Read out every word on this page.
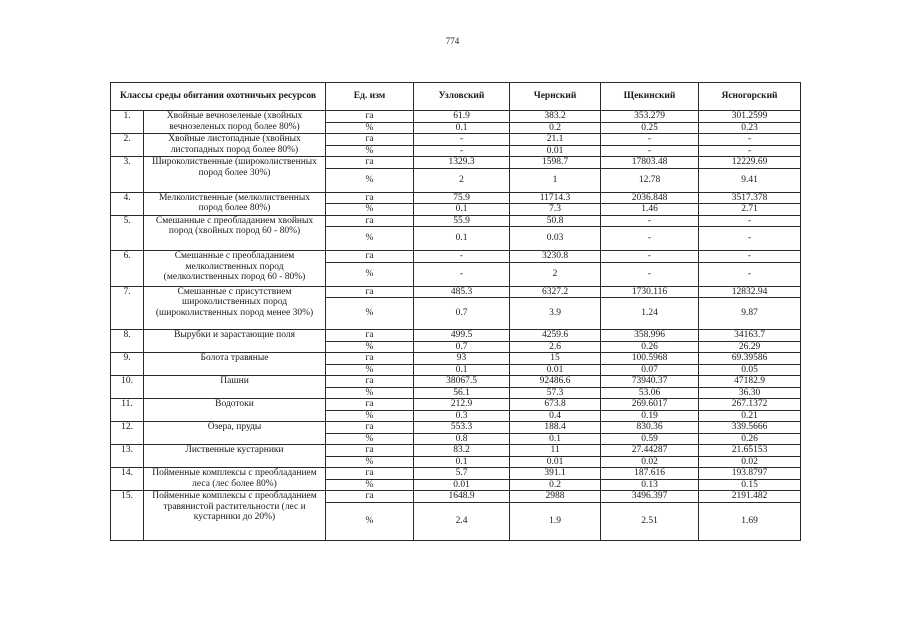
774
Классы среды обитания охотничьих ресурсов		Ед. изм	Узловский	Чернский	Щекинский	Ясногорский
1.	Хвойные вечнозеленые (хвойных вечнозеленых пород более 80%)	га	61.9	383.2	353.279	301.2599
		%	0.1	0.2	0.25	0.23
2.	Хвойные листопадные (хвойных листопадных пород более 80%)	га	-	21.1	-	-
		%	-	0.01	-	-
3.	Широколиственные (широколиственных пород более 30%)	га	1329.3	1598.7	17803.48	12229.69
		%	2	1	12.78	9.41
4.	Мелколиственные (мелколиственных пород более 80%)	га	75.9	11714.3	2036.848	3517.378
		%	0.1	7.3	1.46	2.71
5.	Смешанные с преобладанием хвойных пород (хвойных пород 60 - 80%)	га	55.9	50.8	-	-
		%	0.1	0.03	-	-
6.	Смешанные с преобладанием мелколиственных пород (мелколиственных пород 60 - 80%)	га	-	3230.8	-	-
		%	-	2	-	-
7.	Смешанные с присутствием широколиственных пород (широколиственных пород менее 30%)	га	485.3	6327.2	1730.116	12832.94
		%	0.7	3.9	1.24	9.87
8.	Вырубки и зарастающие поля	га	499.5	4259.6	358.996	34163.7
		%	0.7	2.6	0.26	26.29
9.	Болота травяные	га	93	15	100.5968	69.39586
		%	0.1	0.01	0.07	0.05
10.	Пашни	га	38067.5	92486.6	73940.37	47182.9
		%	56.1	57.3	53.06	36.30
11.	Водотоки	га	212.9	673.8	269.6017	267.1372
		%	0.3	0.4	0.19	0.21
12.	Озера, пруды	га	553.3	188.4	830.36	339.5666
		%	0.8	0.1	0.59	0.26
13.	Лиственные кустарники	га	83.2	11	27.44287	21.65153
		%	0.1	0.01	0.02	0.02
14.	Пойменные комплексы с преобладанием леса (лес более 80%)	га	5.7	391.1	187.616	193.8797
		%	0.01	0.2	0.13	0.15
15.	Пойменные комплексы с преобладанием травянистой растительности (лес и кустарники до 20%)	га	1648.9	2988	3496.397	2191.482
		%	2.4	1.9	2.51	1.69
